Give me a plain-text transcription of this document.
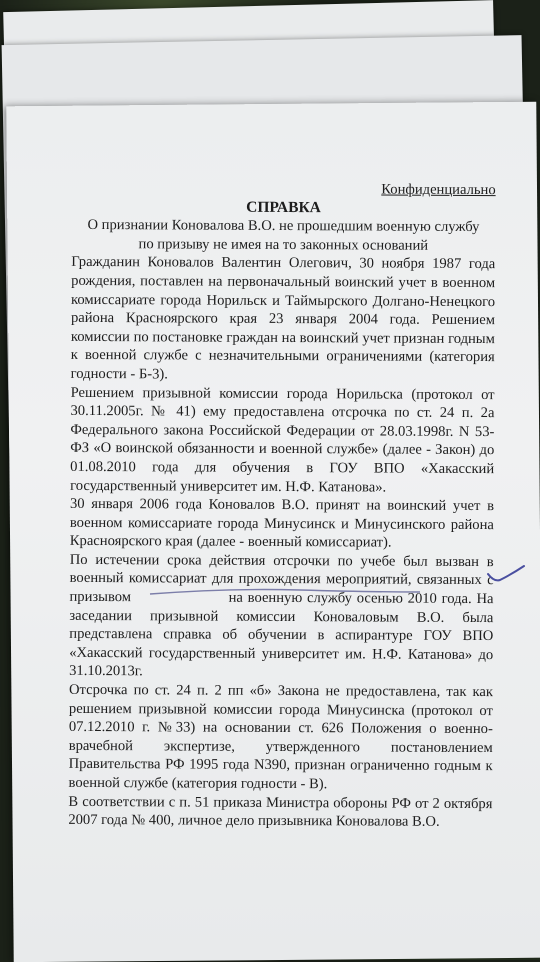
Конфиденциально

СПРАВКА

О признании Коновалова В.О. не прошедшим военную службу
по призыву не имея на то законных оснований

Гражданин Коновалов Валентин Олегович, 30 ноября 1987 года рождения, поставлен на первоначальный воинский учет в военном комиссариате города Норильск и Таймырского Долгано-Ненецкого района Красноярского края 23 января 2004 года. Решением комиссии по постановке граждан на воинский учет признан годным к военной службе с незначительными ограничениями (категория годности - Б-3).

Решением призывной комиссии города Норильска (протокол от 30.11.2005г. № 41) ему предоставлена отсрочка по ст. 24 п. 2а Федерального закона Российской Федерации от 28.03.1998г. N 53-ФЗ «О воинской обязанности и военной службе» (далее - Закон) до 01.08.2010 года для обучения в ГОУ ВПО «Хакасский государственный университет им. Н.Ф. Катанова».

30 января 2006 года Коновалов В.О. принят на воинский учет в военном комиссариате города Минусинск и Минусинского района Красноярского края (далее - военный комиссариат).

По истечении срока действия отсрочки по учебе был вызван в военный комиссариат для прохождения мероприятий, связанных с призывом	на военную службу осенью 2010 года. На заседании призывной комиссии Коноваловым В.О. была представлена справка об обучении в аспирантуре ГОУ ВПО «Хакасский государственный университет им. Н.Ф. Катанова» до 31.10.2013г.

Отсрочка по ст. 24 п. 2 пп «б» Закона не предоставлена, так как решением призывной комиссии города Минусинска (протокол от 07.12.2010 г. №33) на основании ст. 626 Положения о военно-врачебной экспертизе, утвержденного постановлением Правительства РФ 1995 года N390, признан ограниченно годным к военной службе (категория годности - В).

В соответствии с п. 51 приказа Министра обороны РФ от 2 октября 2007 года № 400, личное дело призывника Коновалова В.О.
